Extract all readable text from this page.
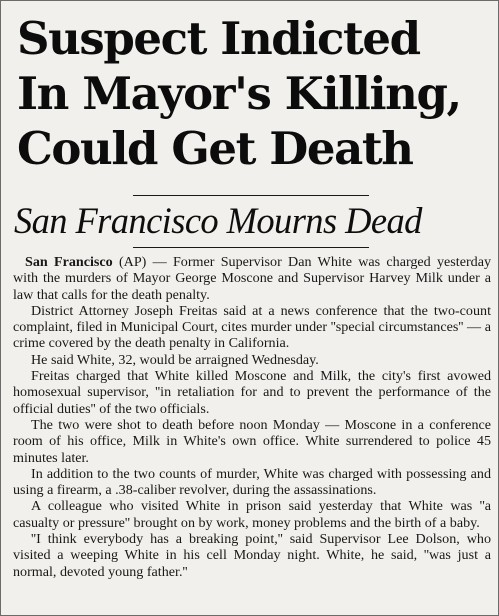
Suspect Indicted
In Mayor's Killing,
Could Get Death
San Francisco Mourns Dead

San Francisco (AP) — Former Supervisor Dan White was charged yesterday with the murders of Mayor George Moscone and Supervisor Harvey Milk under a law that calls for the death penalty.

District Attorney Joseph Freitas said at a news conference that the two-count complaint, filed in Municipal Court, cites murder under ''special circumstances'' — a crime covered by the death penalty in California.

He said White, 32, would be arraigned Wednesday.

Freitas charged that White killed Moscone and Milk, the city's first avowed homosexual supervisor, ''in retaliation for and to prevent the performance of the official duties'' of the two officials.

The two were shot to death before noon Monday — Moscone in a conference room of his office, Milk in White's own office. White surrendered to police 45 minutes later.

In addition to the two counts of murder, White was charged with possessing and using a firearm, a .38-caliber revolver, during the assassinations.

A colleague who visited White in prison said yesterday that White was ''a casualty or pressure'' brought on by work, money problems and the birth of a baby.

''I think everybody has a breaking point,'' said Supervisor Lee Dolson, who visited a weeping White in his cell Monday night. White, he said, ''was just a normal, devoted young father.''
